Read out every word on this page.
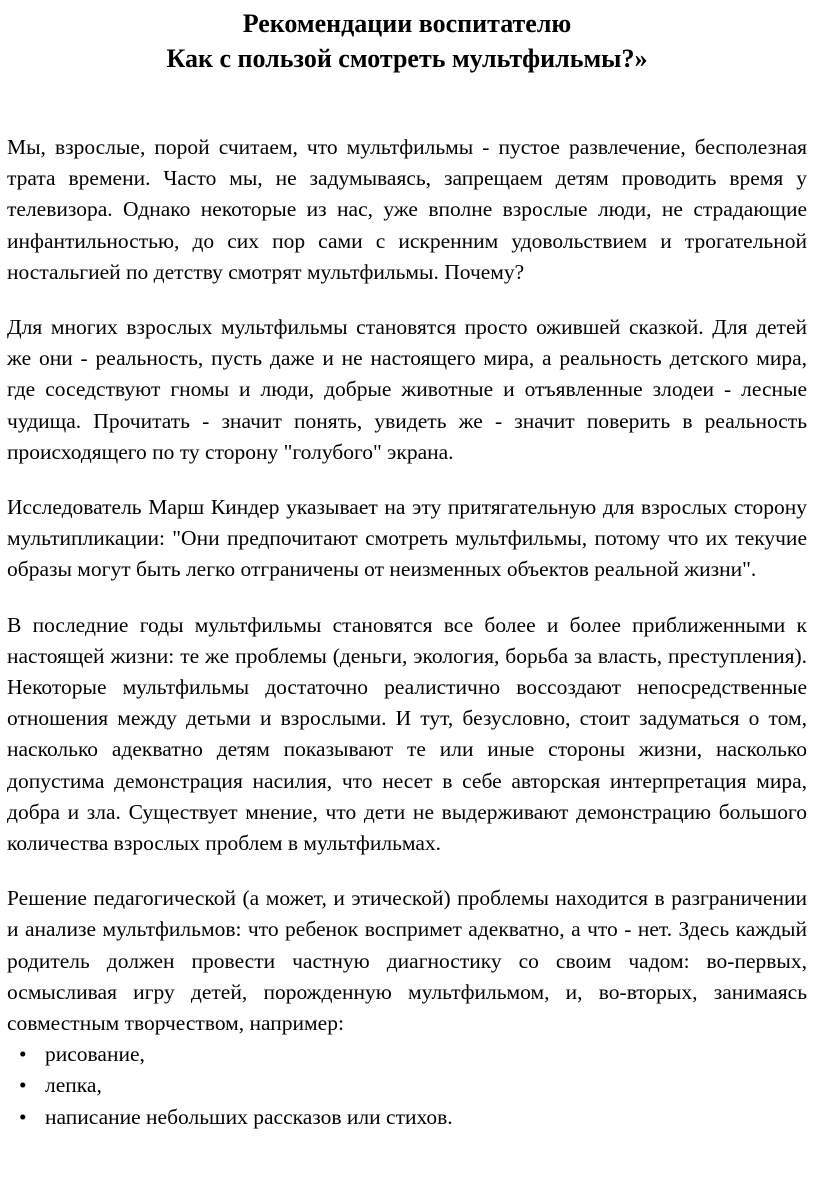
Рекомендации воспитателю
Как с пользой смотреть мультфильмы?»

Мы, взрослые, порой считаем, что мультфильмы - пустое развлечение, бесполезная трата времени. Часто мы, не задумываясь, запрещаем детям проводить время у телевизора. Однако некоторые из нас, уже вполне взрослые люди, не страдающие инфантильностью, до сих пор сами с искренним удовольствием и трогательной ностальгией по детству смотрят мультфильмы. Почему?

Для многих взрослых мультфильмы становятся просто ожившей сказкой. Для детей же они - реальность, пусть даже и не настоящего мира, а реальность детского мира, где соседствуют гномы и люди, добрые животные и отъявленные злодеи - лесные чудища. Прочитать - значит понять, увидеть же - значит поверить в реальность происходящего по ту сторону "голубого" экрана.

Исследователь Марш Киндер указывает на эту притягательную для взрослых сторону мультипликации: "Они предпочитают смотреть мультфильмы, потому что их текучие образы могут быть легко отграничены от неизменных объектов реальной жизни".

В последние годы мультфильмы становятся все более и более приближенными к настоящей жизни: те же проблемы (деньги, экология, борьба за власть, преступления). Некоторые мультфильмы достаточно реалистично воссоздают непосредственные отношения между детьми и взрослыми. И тут, безусловно, стоит задуматься о том, насколько адекватно детям показывают те или иные стороны жизни, насколько допустима демонстрация насилия, что несет в себе авторская интерпретация мира, добра и зла. Существует мнение, что дети не выдерживают демонстрацию большого количества взрослых проблем в мультфильмах.

Решение педагогической (а может, и этической) проблемы находится в разграничении и анализе мультфильмов: что ребенок воспримет адекватно, а что - нет. Здесь каждый родитель должен провести частную диагностику со своим чадом: во-первых, осмысливая игру детей, порожденную мультфильмом, и, во-вторых, занимаясь совместным творчеством, например:

• рисование,
• лепка,
• написание небольших рассказов или стихов.
